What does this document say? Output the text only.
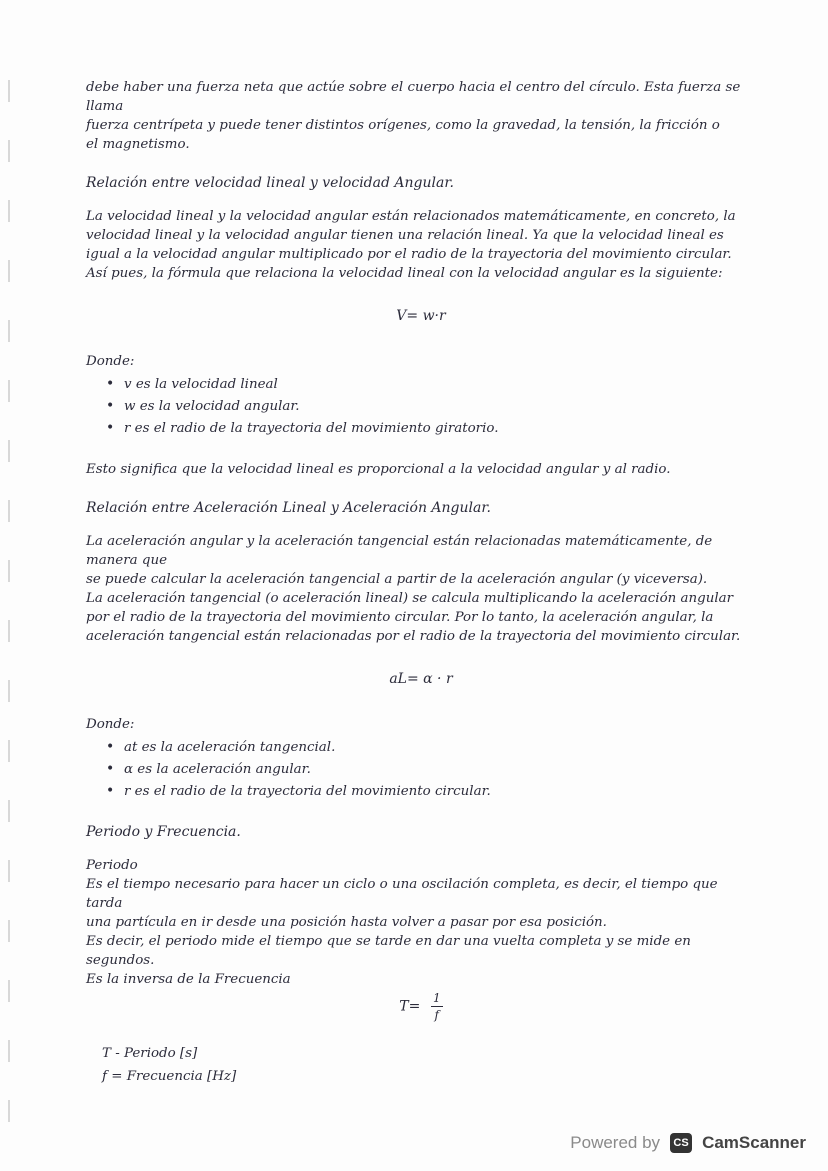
debe haber una fuerza neta que actúe sobre el cuerpo hacia el centro del círculo. Esta fuerza se llama

fuerza centrípeta y puede tener distintos orígenes, como la gravedad, la tensión, la fricción o

el magnetismo.

Relación entre velocidad lineal y velocidad Angular.

La velocidad lineal y la velocidad angular están relacionados matemáticamente, en concreto, la

velocidad lineal y la velocidad angular tienen una relación lineal. Ya que la velocidad lineal es

igual a la velocidad angular multiplicado por el radio de la trayectoria del movimiento circular.

Así pues, la fórmula que relaciona la velocidad lineal con la velocidad angular es la siguiente:

V= w·r
Donde:
• v es la velocidad lineal
• w es la velocidad angular.
• r es el radio de la trayectoria del movimiento giratorio.

Esto significa que la velocidad lineal es proporcional a la velocidad angular y al radio.

Relación entre Aceleración Lineal y Aceleración Angular.

La aceleración angular y la aceleración tangencial están relacionadas matemáticamente, de manera que

se puede calcular la aceleración tangencial a partir de la aceleración angular (y viceversa).

La aceleración tangencial (o aceleración lineal) se calcula multiplicando la aceleración angular

por el radio de la trayectoria del movimiento circular. Por lo tanto, la aceleración angular, la

aceleración tangencial están relacionadas por el radio de la trayectoria del movimiento circular.

aL= α · r
Donde:
• at es la aceleración tangencial.
• α es la aceleración angular.
• r es el radio de la trayectoria del movimiento circular.
Periodo y Frecuencia.
Periodo

Es el tiempo necesario para hacer un ciclo o una oscilación completa, es decir, el tiempo que tarda

una partícula en ir desde una posición hasta volver a pasar por esa posición.

Es decir, el periodo mide el tiempo que se tarde en dar una vuelta completa y se mide en segundos.

Es la inversa de la Frecuencia

$T= \frac{1}{f}$
T - Periodo [s]
f = Frecuencia [Hz]
Powered by	CS CamScanner
